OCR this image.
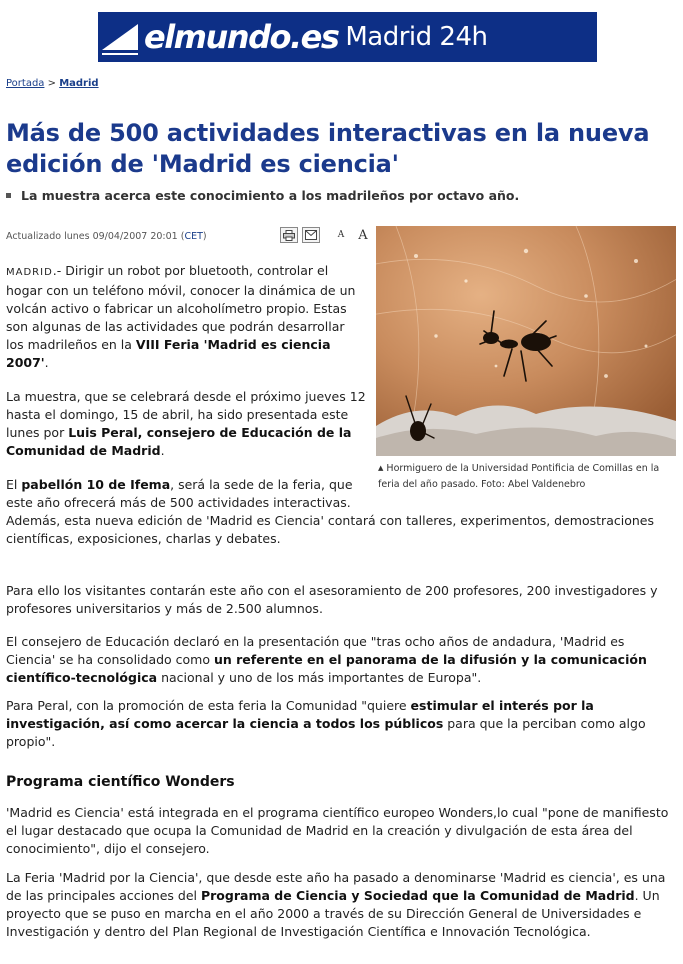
elmundo.es Madrid 24h
Portada > Madrid
Más de 500 actividades interactivas en la nueva edición de 'Madrid es ciencia'
La muestra acerca este conocimiento a los madrileños por octavo año.
Actualizado lunes 09/04/2007 20:01 (CET)	A A
▲ Hormiguero de la Universidad Pontificia de Comillas en la feria del año pasado. Foto: Abel Valdenebro

MADRID.- Dirigir un robot por bluetooth, controlar el hogar con un teléfono móvil, conocer la dinámica de un volcán activo o fabricar un alcoholímetro propio. Estas son algunas de las actividades que podrán desarrollar los madrileños en la VIII Feria 'Madrid es ciencia 2007'.

La muestra, que se celebrará desde el próximo jueves 12 hasta el domingo, 15 de abril, ha sido presentada este lunes por Luis Peral, consejero de Educación de la Comunidad de Madrid.

El pabellón 10 de Ifema, será la sede de la feria, que este año ofrecerá más de 500 actividades interactivas. Además, esta nueva edición de 'Madrid es Ciencia' contará con talleres, experimentos, demostraciones científicas, exposiciones, charlas y debates.

Para ello los visitantes contarán este año con el asesoramiento de 200 profesores, 200 investigadores y profesores universitarios y más de 2.500 alumnos.

El consejero de Educación declaró en la presentación que "tras ocho años de andadura, 'Madrid es Ciencia' se ha consolidado como un referente en el panorama de la difusión y la comunicación científico-tecnológica nacional y uno de los más importantes de Europa".

Para Peral, con la promoción de esta feria la Comunidad "quiere estimular el interés por la investigación, así como acercar la ciencia a todos los públicos para que la perciban como algo propio".

Programa científico Wonders

'Madrid es Ciencia' está integrada en el programa científico europeo Wonders,lo cual "pone de manifiesto el lugar destacado que ocupa la Comunidad de Madrid en la creación y divulgación de esta área del conocimiento", dijo el consejero.

La Feria 'Madrid por la Ciencia', que desde este año ha pasado a denominarse 'Madrid es ciencia', es una de las principales acciones del Programa de Ciencia y Sociedad que la Comunidad de Madrid. Un proyecto que se puso en marcha en el año 2000 a través de su Dirección General de Universidades e Investigación y dentro del Plan Regional de Investigación Científica e Innovación Tecnológica.
